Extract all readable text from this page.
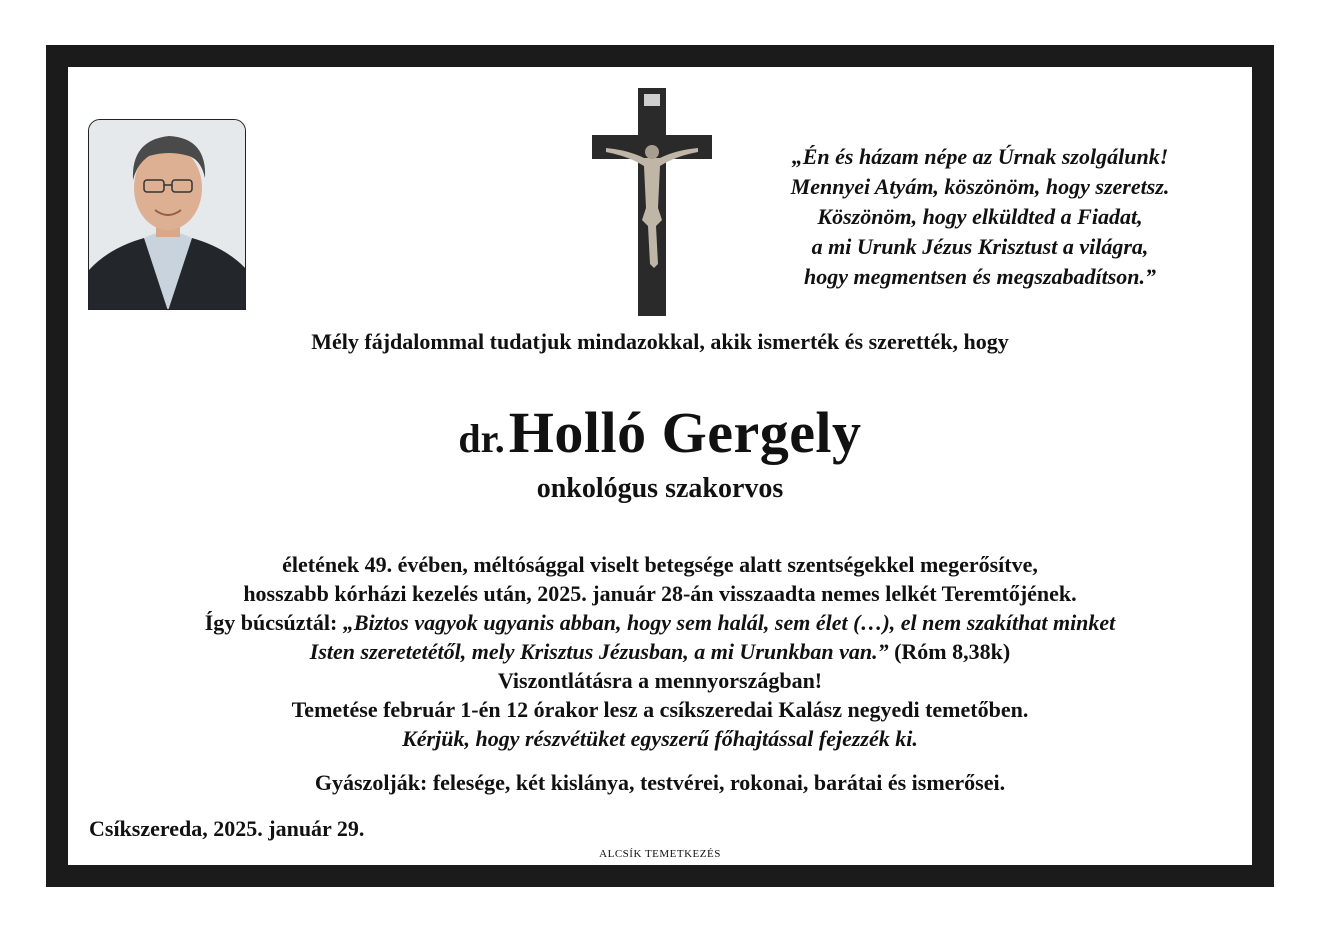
„Én és házam népe az Úrnak szolgálunk!
Mennyei Atyám, köszönöm, hogy szeretsz.
Köszönöm, hogy elküldted a Fiadat,
a mi Urunk Jézus Krisztust a világra,
hogy megmentsen és megszabadítson.”
Mély fájdalommal tudatjuk mindazokkal, akik ismerték és szerették, hogy
dr. Holló Gergely
onkológus szakorvos
életének 49. évében, méltósággal viselt betegsége alatt szentségekkel megerősítve,
hosszabb kórházi kezelés után, 2025. január 28-án visszaadta nemes lelkét Teremtőjének.
Így búcsúztál: „Biztos vagyok ugyanis abban, hogy sem halál, sem élet (…), el nem szakíthat minket
Isten szeretetétől, mely Krisztus Jézusban, a mi Urunkban van.” (Róm 8,38k)
Viszontlátásra a mennyországban!
Temetése február 1-én 12 órakor lesz a csíkszeredai Kalász negyedi temetőben.
Kérjük, hogy részvétüket egyszerű főhajtással fejezzék ki.
Gyászolják: felesége, két kislánya, testvérei, rokonai, barátai és ismerősei.
Csíkszereda, 2025. január 29.
ALCSÍK TEMETKEZÉS
